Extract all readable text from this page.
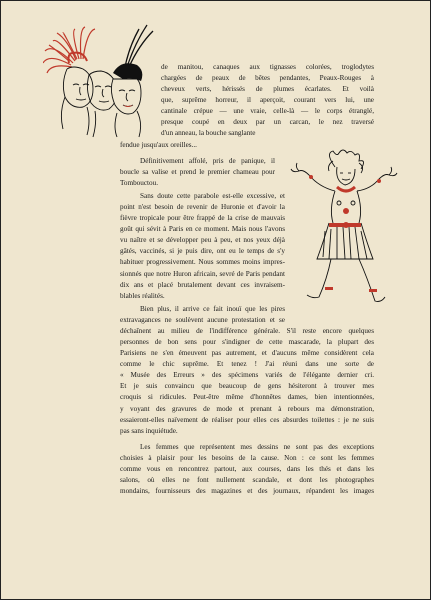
de manitou, canaques aux tignasses colorées, troglodytes
chargées de peaux de bêtes pendantes, Peaux-Rouges à
cheveux verts, hérissés de plumes écarlates. Et voilà
que, suprême horreur, il aperçoit, courant vers lui, une
cantinale crépue — une vraie, celle-là — le corps étranglé,
presque coupé en deux par un carcan, le nez traversé
d'un anneau, la bouche sanglante
fendue jusqu'aux oreilles...
Définitivement affolé, pris de panique, il
boucle sa valise et prend le premier chameau pour
Tombouctou.
Sans doute cette parabole est-elle excessive, et
point n'est besoin de revenir de Huronie et d'avoir la
fièvre tropicale pour être frappé de la crise de mauvais
goût qui sévit à Paris en ce moment. Mais nous l'avons
vu naître et se développer peu à peu, et nos yeux déjà
gâtés, vaccinés, si je puis dire, ont eu le temps de s'y
habituer progressivement. Nous sommes moins impres-
sionnés que notre Huron africain, sevré de Paris pendant
dix ans et placé brutalement devant ces invraisem-
blables réalités.
Bien plus, il arrive ce fait inouï que les pires
extravagances ne soulèvent aucune protestation et se
déchaînent au milieu de l'indifférence générale. S'il reste encore quelques
personnes de bon sens pour s'indigner de cette mascarade, la plupart des
Parisiens ne s'en émeuvent pas autrement, et d'aucuns même considèrent cela
comme le chic suprême. Et tenez ! J'ai réuni dans une sorte de
« Musée des Erreurs » des spécimens variés de l'élégante dernier cri.
Et je suis convaincu que beaucoup de gens hésiteront à trouver mes
croquis si ridicules. Peut-être même d'honnêtes dames, bien intentionnées,
y voyant des gravures de mode et prenant à rebours ma démonstration,
essaieront-elles naïvement de réaliser pour elles ces absurdes toilettes : je ne suis
pas sans inquiétude.
Les femmes que représentent mes dessins ne sont pas des exceptions
choisies à plaisir pour les besoins de la cause. Non : ce sont les femmes
comme vous en rencontrez partout, aux courses, dans les thés et dans les
salons, où elles ne font nullement scandale, et dont les photographes
mondains, fournisseurs des magazines et des journaux, répandent les images
